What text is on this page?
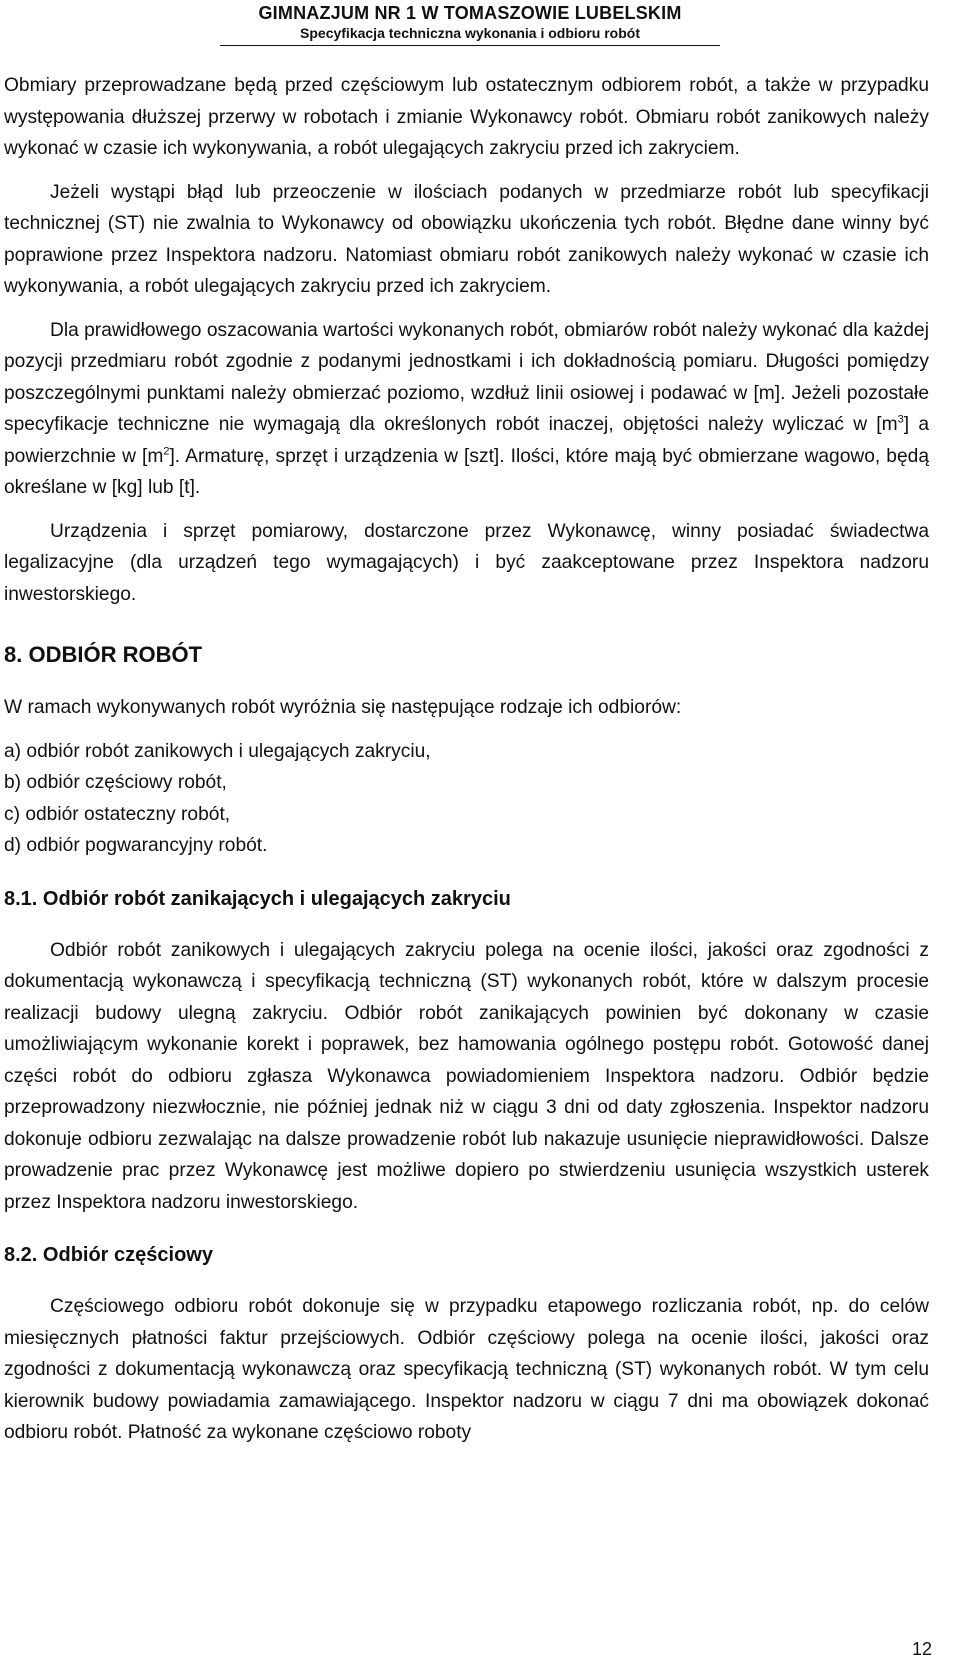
GIMNAZJUM NR 1 W TOMASZOWIE LUBELSKIM
Specyfikacja techniczna wykonania i odbioru robót

Obmiary przeprowadzane będą przed częściowym lub ostatecznym odbiorem robót, a także w przypadku występowania dłuższej przerwy w robotach i zmianie Wykonawcy robót. Obmiaru robót zanikowych należy wykonać w czasie ich wykonywania, a robót ulegających zakryciu przed ich zakryciem.

Jeżeli wystąpi błąd lub przeoczenie w ilościach podanych w przedmiarze robót lub specyfikacji technicznej (ST) nie zwalnia to Wykonawcy od obowiązku ukończenia tych robót. Błędne dane winny być poprawione przez Inspektora nadzoru. Natomiast obmiaru robót zanikowych należy wykonać w czasie ich wykonywania, a robót ulegających zakryciu przed ich zakryciem.

Dla prawidłowego oszacowania wartości wykonanych robót, obmiarów robót należy wykonać dla każdej pozycji przedmiaru robót zgodnie z podanymi jednostkami i ich dokładnością pomiaru. Długości pomiędzy poszczególnymi punktami należy obmierzać poziomo, wzdłuż linii osiowej i podawać w [m]. Jeżeli pozostałe specyfikacje techniczne nie wymagają dla określonych robót inaczej, objętości należy wyliczać w $[m^3]$ a powierzchnie w $[m^2]$. Armaturę, sprzęt i urządzenia w [szt]. Ilości, które mają być obmierzane wagowo, będą określane w [kg] lub [t].

Urządzenia i sprzęt pomiarowy, dostarczone przez Wykonawcę, winny posiadać świadectwa legalizacyjne (dla urządzeń tego wymagających) i być zaakceptowane przez Inspektora nadzoru inwestorskiego.

8. ODBIÓR ROBÓT

W ramach wykonywanych robót wyróżnia się następujące rodzaje ich odbiorów:

a) odbiór robót zanikowych i ulegających zakryciu,
b) odbiór częściowy robót,
c) odbiór ostateczny robót,
d) odbiór pogwarancyjny robót.
8.1. Odbiór robót zanikających i ulegających zakryciu

Odbiór robót zanikowych i ulegających zakryciu polega na ocenie ilości, jakości oraz zgodności z dokumentacją wykonawczą i specyfikacją techniczną (ST) wykonanych robót, które w dalszym procesie realizacji budowy ulegną zakryciu. Odbiór robót zanikających powinien być dokonany w czasie umożliwiającym wykonanie korekt i poprawek, bez hamowania ogólnego postępu robót. Gotowość danej części robót do odbioru zgłasza Wykonawca powiadomieniem Inspektora nadzoru. Odbiór będzie przeprowadzony niezwłocznie, nie później jednak niż w ciągu 3 dni od daty zgłoszenia. Inspektor nadzoru dokonuje odbioru zezwalając na dalsze prowadzenie robót lub nakazuje usunięcie nieprawidłowości. Dalsze prowadzenie prac przez Wykonawcę jest możliwe dopiero po stwierdzeniu usunięcia wszystkich usterek przez Inspektora nadzoru inwestorskiego.

8.2. Odbiór częściowy

Częściowego odbioru robót dokonuje się w przypadku etapowego rozliczania robót, np. do celów miesięcznych płatności faktur przejściowych. Odbiór częściowy polega na ocenie ilości, jakości oraz zgodności z dokumentacją wykonawczą oraz specyfikacją techniczną (ST) wykonanych robót. W tym celu kierownik budowy powiadamia zamawiającego. Inspektor nadzoru w ciągu 7 dni ma obowiązek dokonać odbioru robót. Płatność za wykonane częściowo roboty

12
